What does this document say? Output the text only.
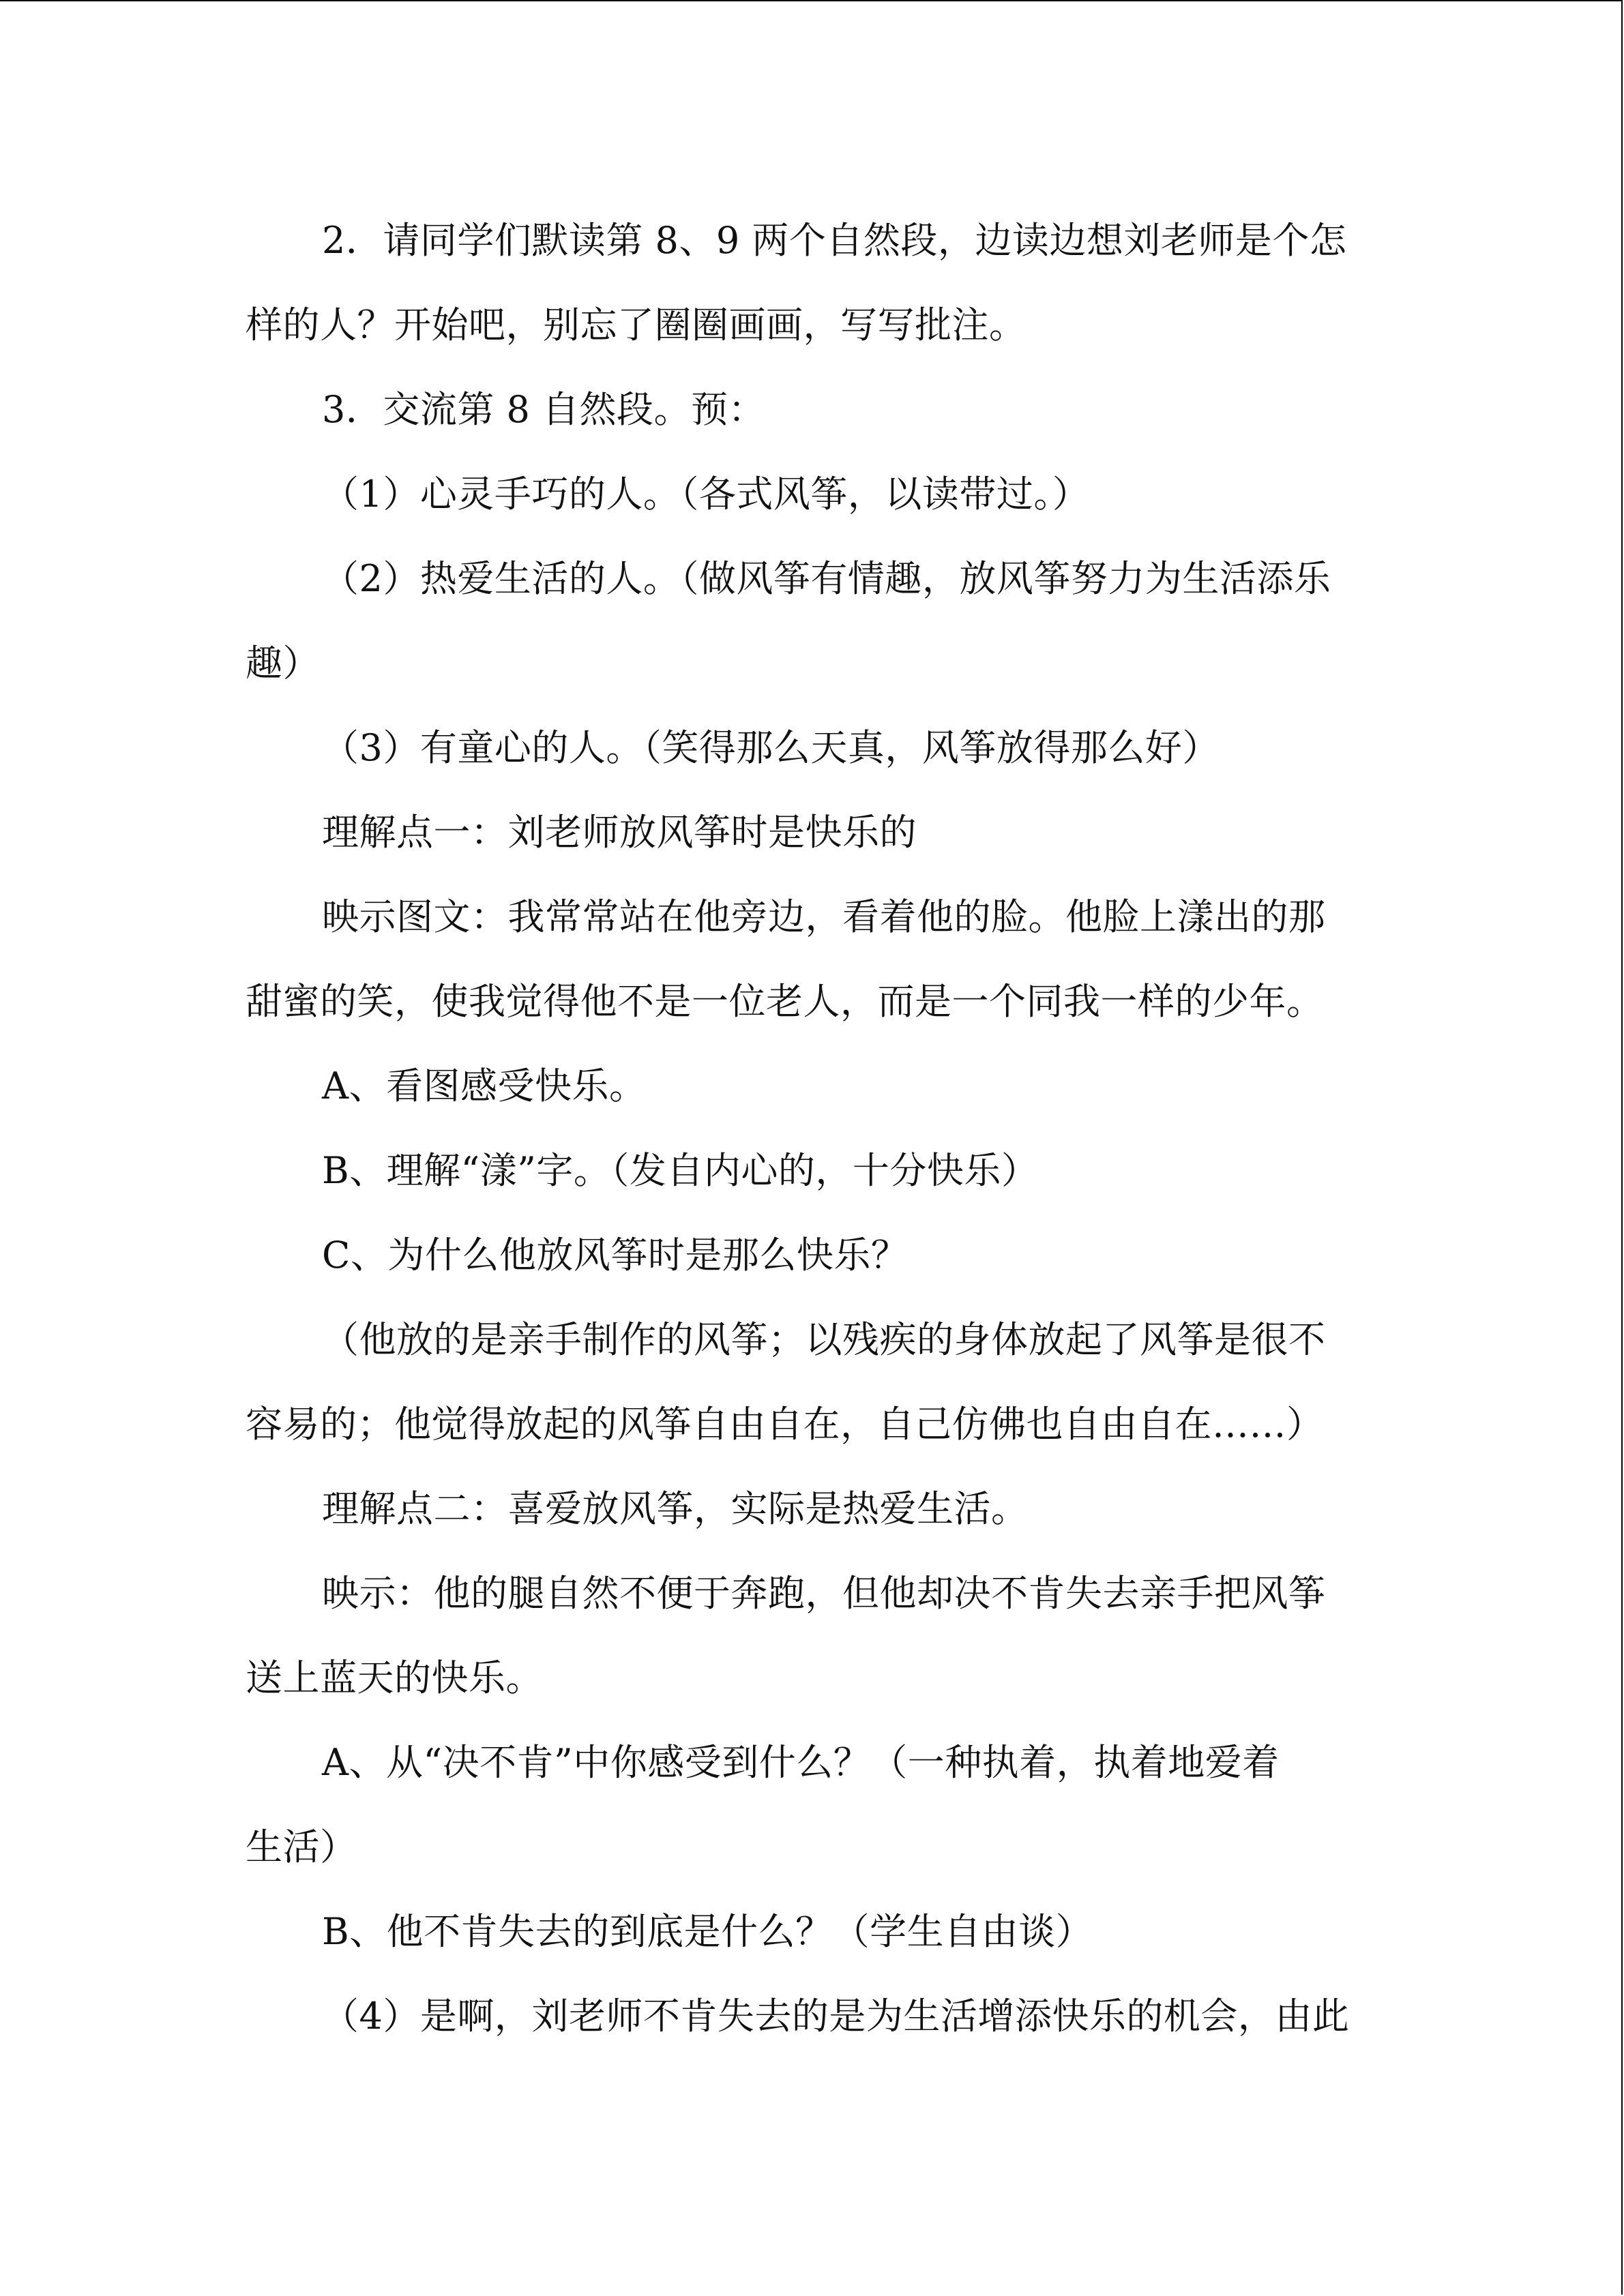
2．请同学们默读第 8、9 两个自然段，边读边想刘老师是个怎
样的人？开始吧，别忘了圈圈画画，写写批注。
3．交流第 8 自然段。预：
（1）心灵手巧的人。（各式风筝，以读带过。）
（2）热爱生活的人。（做风筝有情趣，放风筝努力为生活添乐
趣）
（3）有童心的人。（笑得那么天真，风筝放得那么好）
理解点一：刘老师放风筝时是快乐的
映示图文：我常常站在他旁边，看着他的脸。他脸上漾出的那
甜蜜的笑，使我觉得他不是一位老人，而是一个同我一样的少年。
A、看图感受快乐。
B、理解“漾”字。（发自内心的，十分快乐）
C、为什么他放风筝时是那么快乐？
（他放的是亲手制作的风筝；以残疾的身体放起了风筝是很不
容易的；他觉得放起的风筝自由自在，自己仿佛也自由自在……）
理解点二：喜爱放风筝，实际是热爱生活。
映示：他的腿自然不便于奔跑，但他却决不肯失去亲手把风筝
送上蓝天的快乐。
A、从“决不肯”中你感受到什么？（一种执着，执着地爱着
生活）
B、他不肯失去的到底是什么？（学生自由谈）
（4）是啊，刘老师不肯失去的是为生活增添快乐的机会，由此
